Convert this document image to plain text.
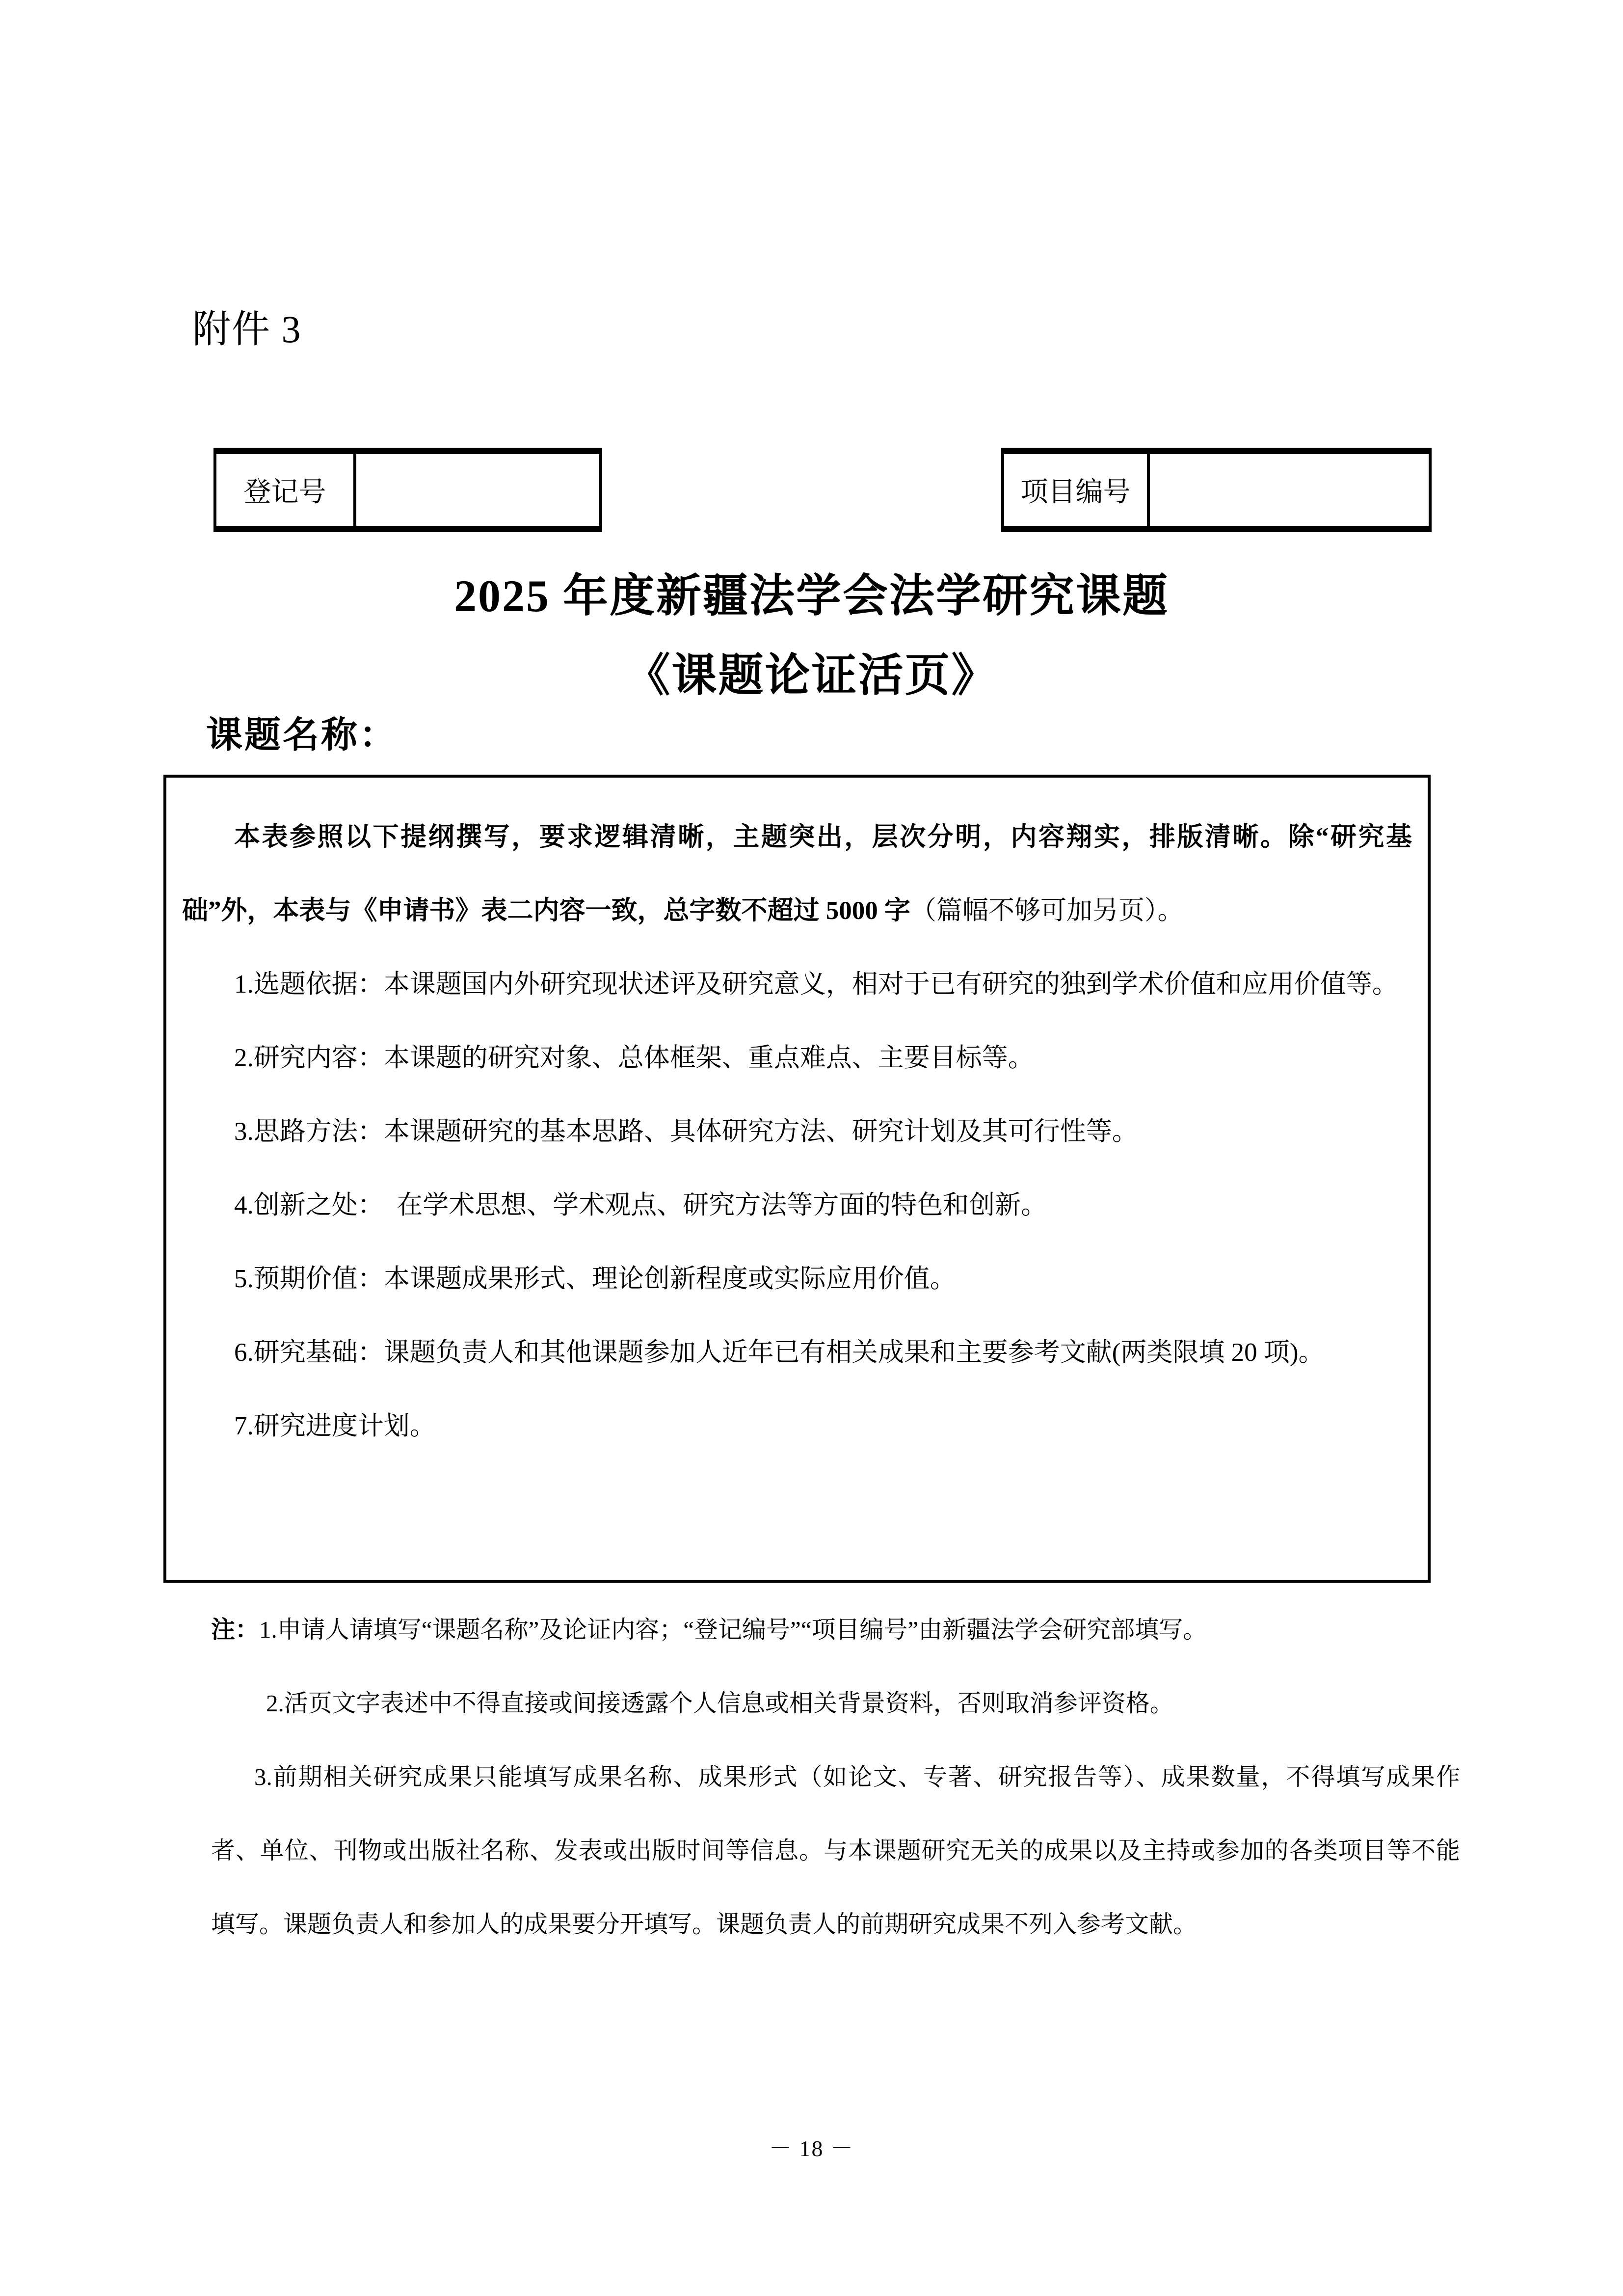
附件 3
登记号	项目编号
2025 年度新疆法学会法学研究课题
《课题论证活页》
课题名称：

本表参照以下提纲撰写，要求逻辑清晰，主题突出，层次分明，内容翔实，排版清晰。除“研究基础”外，本表与《申请书》表二内容一致，总字数不超过 5000 字（篇幅不够可加另页）。

1.选题依据：本课题国内外研究现状述评及研究意义，相对于已有研究的独到学术价值和应用价值等。

2.研究内容：本课题的研究对象、总体框架、重点难点、主要目标等。

3.思路方法：本课题研究的基本思路、具体研究方法、研究计划及其可行性等。

4.创新之处：　在学术思想、学术观点、研究方法等方面的特色和创新。

5.预期价值：本课题成果形式、理论创新程度或实际应用价值。

6.研究基础：课题负责人和其他课题参加人近年已有相关成果和主要参考文献(两类限填 20 项)。

7.研究进度计划。

注：1.申请人请填写“课题名称”及论证内容；“登记编号”“项目编号”由新疆法学会研究部填写。

2.活页文字表述中不得直接或间接透露个人信息或相关背景资料，否则取消参评资格。

3.前期相关研究成果只能填写成果名称、成果形式（如论文、专著、研究报告等）、成果数量，不得填写成果作者、单位、刊物或出版社名称、发表或出版时间等信息。与本课题研究无关的成果以及主持或参加的各类项目等不能填写。课题负责人和参加人的成果要分开填写。课题负责人的前期研究成果不列入参考文献。

－ 18 －
